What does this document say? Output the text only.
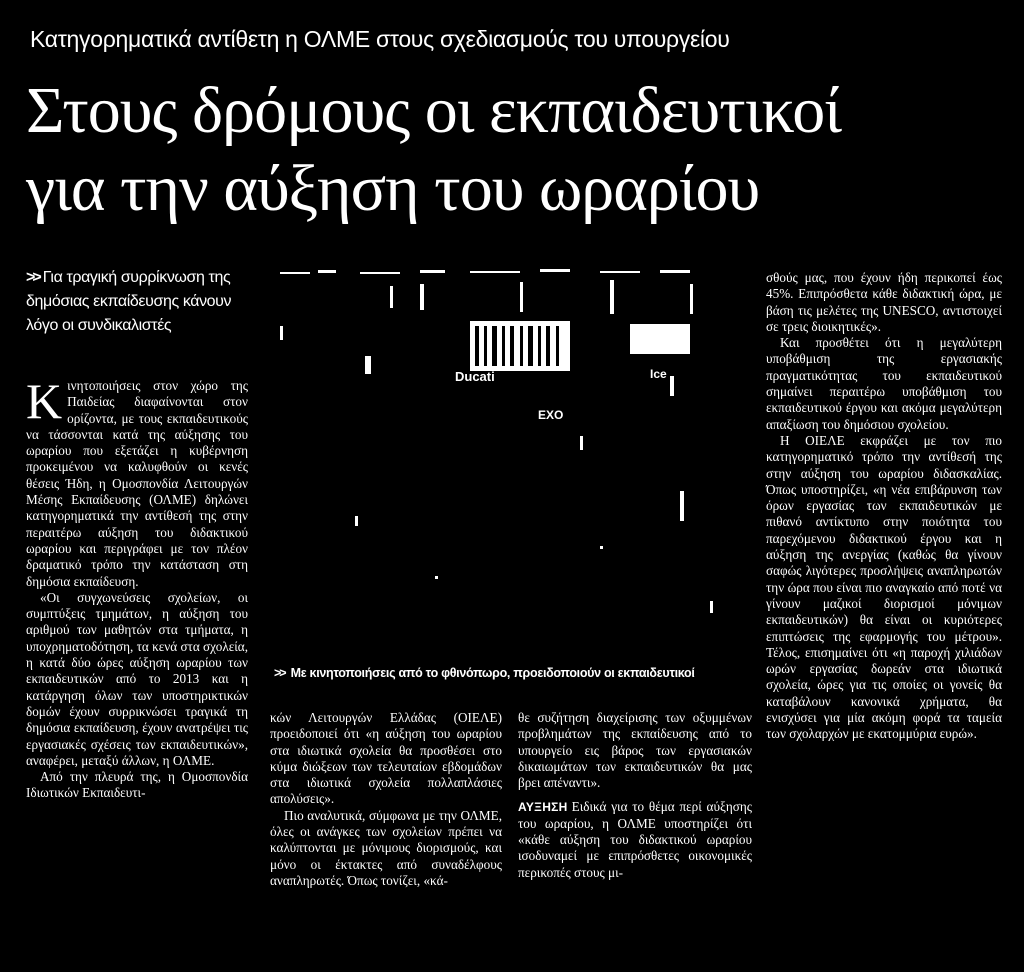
Κατηγορηματικά αντίθετη η ΟΛΜΕ στους σχεδιασμούς του υπουργείου
Στους δρόμους οι εκπαιδευτικοί
για την αύξηση του ωραρίου
>> Για τραγική συρρίκνωση της δημόσιας εκπαίδευσης κάνουν λόγο οι συνδικαλιστές

Κινητοποιήσεις στον χώρο της Παιδείας διαφαίνονται στον ορίζοντα, με τους εκπαιδευτικούς να τάσσονται κατά της αύξησης του ωραρίου που εξετάζει η κυβέρνηση προκειμένου να καλυφθούν οι κενές θέσεις Ήδη, η Ομοσπονδία Λειτουργών Μέσης Εκπαίδευσης (ΟΛΜΕ) δηλώνει κατηγορηματικά την αντίθεσή της στην περαιτέρω αύξηση του διδακτικού ωραρίου και περιγράφει με τον πλέον δραματικό τρόπο την κατάσταση στη δημόσια εκπαίδευση.

«Οι συγχωνεύσεις σχολείων, οι συμπτύξεις τμημάτων, η αύξηση του αριθμού των μαθητών στα τμήματα, η υποχρηματοδότηση, τα κενά στα σχολεία, η κατά δύο ώρες αύξηση ωραρίου των εκπαιδευτικών από το 2013 και η κατάργηση όλων των υποστηρικτικών δομών έχουν συρρικνώσει τραγικά τη δημόσια εκπαίδευση, έχουν ανατρέψει τις εργασιακές σχέσεις των εκπαιδευτικών», αναφέρει, μεταξύ άλλων, η ΟΛΜΕ.

Από την πλευρά της, η Ομοσπονδία Ιδιωτικών Εκπαιδευτι-

Ducati
ΕΧΟ
Ice
>> Με κινητοποιήσεις από το φθινόπωρο, προειδοποιούν οι εκπαιδευτικοί

κών Λειτουργών Ελλάδας (ΟΙΕΛΕ) προειδοποιεί ότι «η αύξηση του ωραρίου στα ιδιωτικά σχολεία θα προσθέσει στο κύμα διώξεων των τελευταίων εβδομάδων στα ιδιωτικά σχολεία πολλαπλάσιες απολύσεις».

Πιο αναλυτικά, σύμφωνα με την ΟΛΜΕ, όλες οι ανάγκες των σχολείων πρέπει να καλύπτονται με μόνιμους διορισμούς, και μόνο οι έκτακτες από συναδέλφους αναπληρωτές. Όπως τονίζει, «κά-

θε συζήτηση διαχείρισης των οξυμμένων προβλημάτων της εκπαίδευσης από το υπουργείο εις βάρος των εργασιακών δικαιωμάτων των εκπαιδευτικών θα μας βρει απέναντι».

ΑΥΞΗΣΗ Ειδικά για το θέμα περί αύξησης του ωραρίου, η ΟΛΜΕ υποστηρίζει ότι «κάθε αύξηση του διδακτικού ωραρίου ισοδυναμεί με επιπρόσθετες οικονομικές περικοπές στους μι-

σθούς μας, που έχουν ήδη περικοπεί έως 45%. Επιπρόσθετα κάθε διδακτική ώρα, με βάση τις μελέτες της UNESCO, αντιστοιχεί σε τρεις διοικητικές».

Και προσθέτει ότι η μεγαλύτερη υποβάθμιση της εργασιακής πραγματικότητας του εκπαιδευτικού σημαίνει περαιτέρω υποβάθμιση του εκπαιδευτικού έργου και ακόμα μεγαλύτερη απαξίωση του δημόσιου σχολείου.

Η ΟΙΕΛΕ εκφράζει με τον πιο κατηγορηματικό τρόπο την αντίθεσή της στην αύξηση του ωραρίου διδασκαλίας. Όπως υποστηρίζει, «η νέα επιβάρυνση των όρων εργασίας των εκπαιδευτικών με πιθανό αντίκτυπο στην ποιότητα του παρεχόμενου διδακτικού έργου και η αύξηση της ανεργίας (καθώς θα γίνουν σαφώς λιγότερες προσλήψεις αναπληρωτών την ώρα που είναι πιο αναγκαίο από ποτέ να γίνουν μαζικοί διορισμοί μόνιμων εκπαιδευτικών) θα είναι οι κυριότερες επιπτώσεις της εφαρμογής του μέτρου». Τέλος, επισημαίνει ότι «η παροχή χιλιάδων ωρών εργασίας δωρεάν στα ιδιωτικά σχολεία, ώρες για τις οποίες οι γονείς θα καταβάλουν κανονικά χρήματα, θα ενισχύσει για μία ακόμη φορά τα ταμεία των σχολαρχών με εκατομμύρια ευρώ».
